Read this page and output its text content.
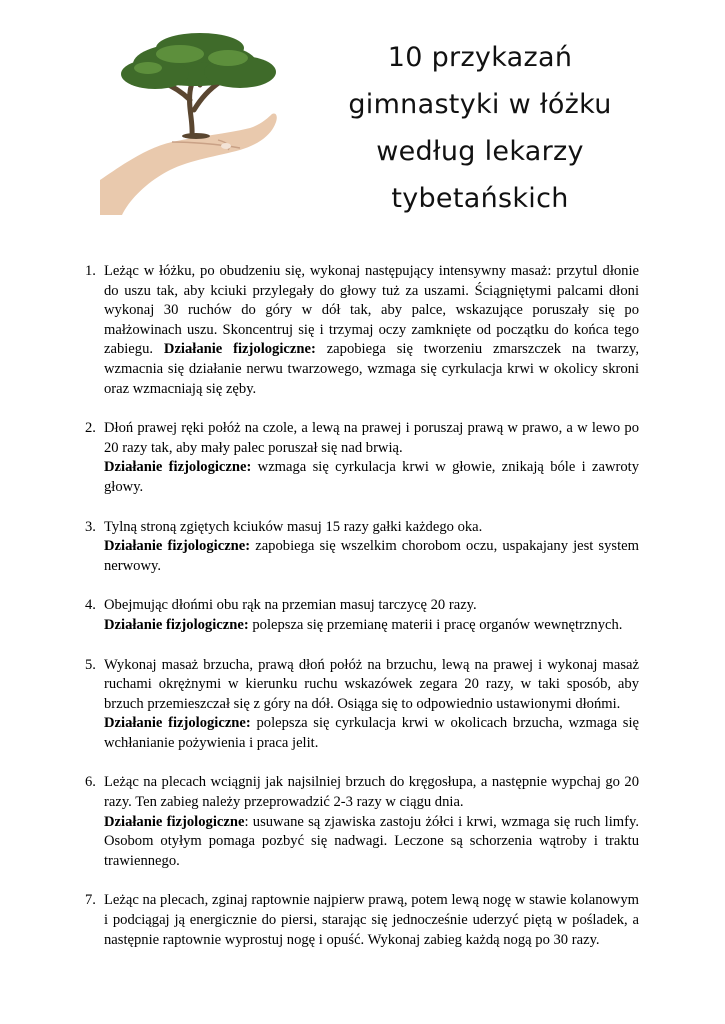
10 przykazań
gimnastyki w łóżku
według lekarzy
tybetańskich
1. Leżąc w łóżku, po obudzeniu się, wykonaj następujący intensywny masaż: przytul dłonie do uszu tak, aby kciuki przylegały do głowy tuż za uszami. Ściągniętymi palcami dłoni wykonaj 30 ruchów do góry w dół tak, aby palce, wskazujące poruszały się po małżowinach uszu. Skoncentruj się i trzymaj oczy zamknięte od początku do końca tego zabiegu. Działanie fizjologiczne: zapobiega się tworzeniu zmarszczek na twarzy, wzmacnia się działanie nerwu twarzowego, wzmaga się cyrkulacja krwi w okolicy skroni oraz wzmacniają się zęby.
2. Dłoń prawej ręki połóż na czole, a lewą na prawej i poruszaj prawą w prawo, a w lewo po 20 razy tak, aby mały palec poruszał się nad brwią.
Działanie fizjologiczne: wzmaga się cyrkulacja krwi w głowie, znikają bóle i zawroty głowy.
3. Tylną stroną zgiętych kciuków masuj 15 razy gałki każdego oka.
Działanie fizjologiczne: zapobiega się wszelkim chorobom oczu, uspakajany jest system nerwowy.
4. Obejmując dłońmi obu rąk na przemian masuj tarczycę 20 razy.
Działanie fizjologiczne: polepsza się przemianę materii i pracę organów wewnętrznych.
5. Wykonaj masaż brzucha, prawą dłoń połóż na brzuchu, lewą na prawej i wykonaj masaż ruchami okrężnymi w kierunku ruchu wskazówek zegara 20 razy, w taki sposób, aby brzuch przemieszczał się z góry na dół. Osiąga się to odpowiednio ustawionymi dłońmi.
Działanie fizjologiczne: polepsza się cyrkulacja krwi w okolicach brzucha, wzmaga się wchłanianie pożywienia i praca jelit.
6. Leżąc na plecach wciągnij jak najsilniej brzuch do kręgosłupa, a następnie wypchaj go 20 razy. Ten zabieg należy przeprowadzić 2-3 razy w ciągu dnia.
Działanie fizjologiczne: usuwane są zjawiska zastoju żółci i krwi, wzmaga się ruch limfy. Osobom otyłym pomaga pozbyć się nadwagi. Leczone są schorzenia wątroby i traktu trawiennego.
7. Leżąc na plecach, zginaj raptownie najpierw prawą, potem lewą nogę w stawie kolanowym i podciągaj ją energicznie do piersi, starając się jednocześnie uderzyć piętą w pośladek, a następnie raptownie wyprostuj nogę i opuść. Wykonaj zabieg każdą nogą po 30 razy.
